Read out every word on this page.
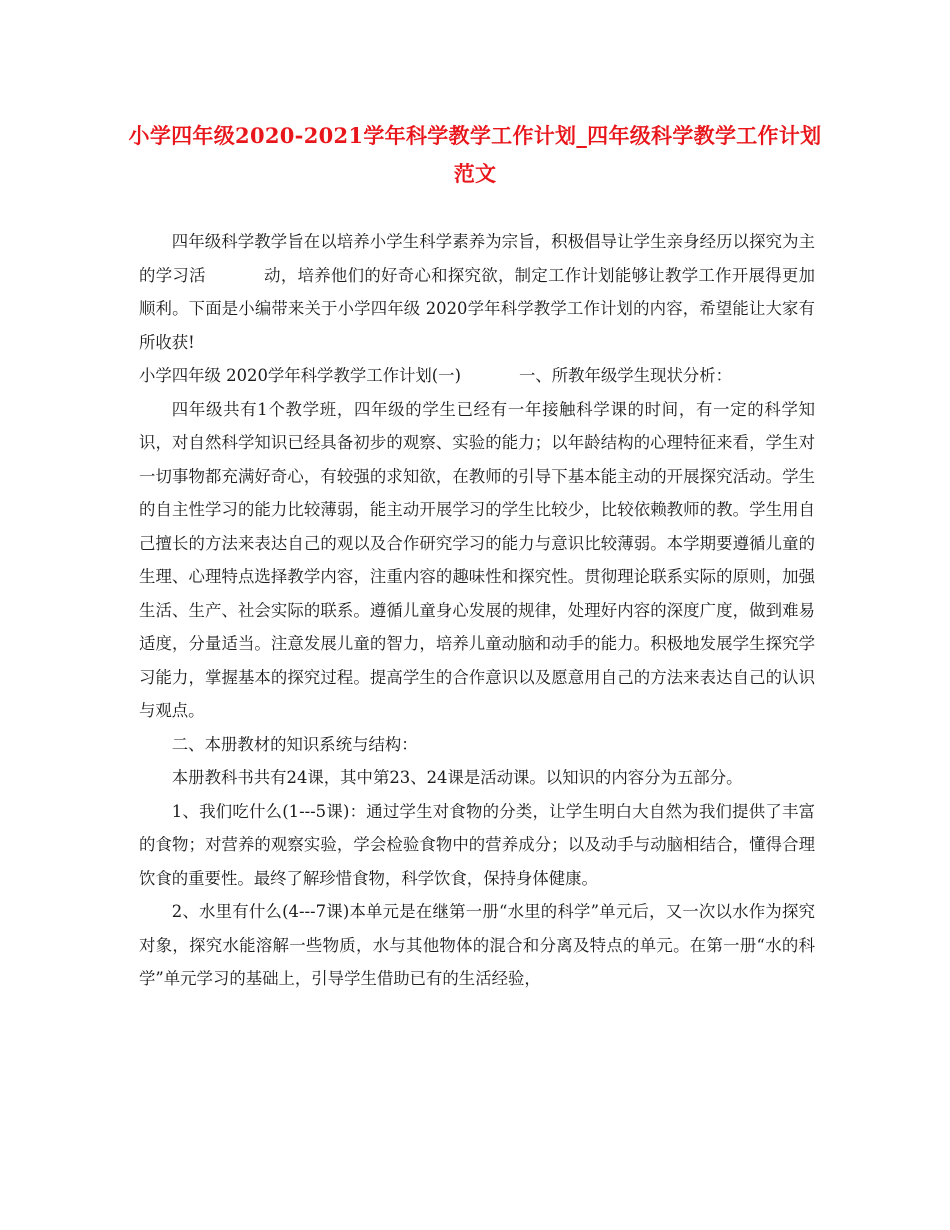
小学四年级2020-2021学年科学教学工作计划_四年级科学教学工作计划范文

四年级科学教学旨在以培养小学生科学素养为宗旨，积极倡导让学生亲身经历以探究为主的学习活	动，培养他们的好奇心和探究欲，制定工作计划能够让教学工作开展得更加顺利。下面是小编带来关于小学四年级 2020学年科学教学工作计划的内容，希望能让大家有所收获!

小学四年级 2020学年科学教学工作计划(一)	一、所教年级学生现状分析：

四年级共有1个教学班，四年级的学生已经有一年接触科学课的时间，有一定的科学知识，对自然科学知识已经具备初步的观察、实验的能力；以年龄结构的心理特征来看，学生对一切事物都充满好奇心，有较强的求知欲，在教师的引导下基本能主动的开展探究活动。学生的自主性学习的能力比较薄弱，能主动开展学习的学生比较少，比较依赖教师的教。学生用自己擅长的方法来表达自己的观以及合作研究学习的能力与意识比较薄弱。本学期要遵循儿童的生理、心理特点选择教学内容，注重内容的趣味性和探究性。贯彻理论联系实际的原则，加强生活、生产、社会实际的联系。遵循儿童身心发展的规律，处理好内容的深度广度，做到难易适度，分量适当。注意发展儿童的智力，培养儿童动脑和动手的能力。积极地发展学生探究学习能力，掌握基本的探究过程。提高学生的合作意识以及愿意用自己的方法来表达自己的认识与观点。

二、本册教材的知识系统与结构：

本册教科书共有24课，其中第23、24课是活动课。以知识的内容分为五部分。

1、我们吃什么(1---5课)：通过学生对食物的分类，让学生明白大自然为我们提供了丰富的食物；对营养的观察实验，学会检验食物中的营养成分；以及动手与动脑相结合，懂得合理饮食的重要性。最终了解珍惜食物，科学饮食，保持身体健康。

2、水里有什么(4---7课)本单元是在继第一册“水里的科学”单元后，又一次以水作为探究对象，探究水能溶解一些物质，水与其他物体的混合和分离及特点的单元。在第一册“水的科学”单元学习的基础上，引导学生借助已有的生活经验，
